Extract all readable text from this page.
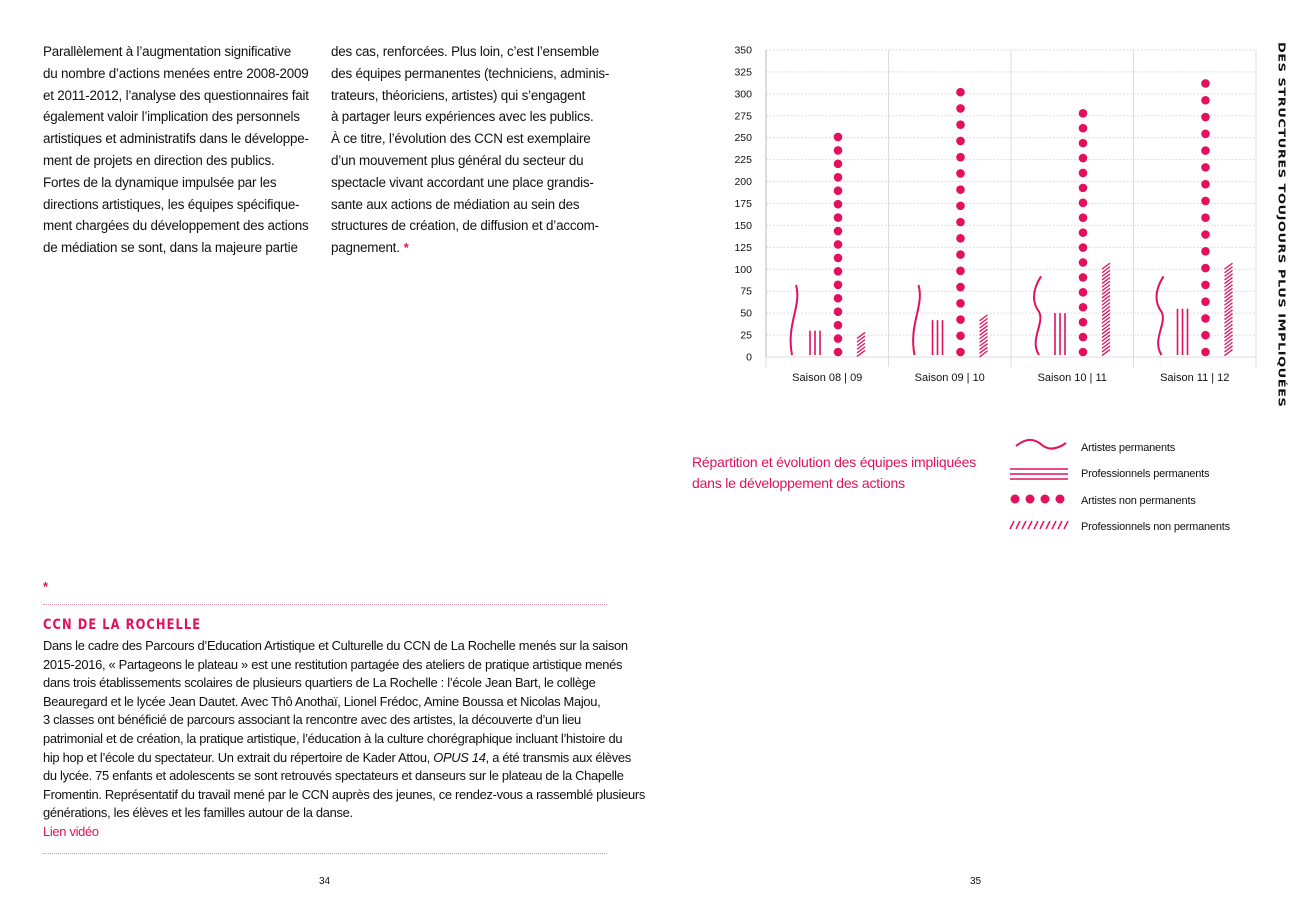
Parallèlement à l’augmentation significative
du nombre d’actions menées entre 2008-2009
et 2011-2012, l’analyse des questionnaires fait
également valoir l’implication des personnels
artistiques et administratifs dans le développe-
ment de projets en direction des publics.
Fortes de la dynamique impulsée par les
directions artistiques, les équipes spécifique-
ment chargées du développement des actions
de médiation se sont, dans la majeure partie
des cas, renforcées. Plus loin, c’est l’ensemble
des équipes permanentes (techniciens, adminis-
trateurs, théoriciens, artistes) qui s’engagent
à partager leurs expériences avec les publics.
À ce titre, l’évolution des CCN est exemplaire
d’un mouvement plus général du secteur du
spectacle vivant accordant une place grandis-
sante aux actions de médiation au sein des
structures de création, de diffusion et d’accom-
pagnement. *
*
CCN DE LA ROCHELLE
Dans le cadre des Parcours d’Education Artistique et Culturelle du CCN de La Rochelle menés sur la saison
2015-2016, « Partageons le plateau » est une restitution partagée des ateliers de pratique artistique menés
dans trois établissements scolaires de plusieurs quartiers de La Rochelle : l’école Jean Bart, le collège
Beauregard et le lycée Jean Dautet. Avec Thô Anothaï, Lionel Frédoc, Amine Boussa et Nicolas Majou,
3 classes ont bénéficié de parcours associant la rencontre avec des artistes, la découverte d’un lieu
patrimonial et de création, la pratique artistique, l’éducation à la culture chorégraphique incluant l’histoire du
hip hop et l’école du spectateur. Un extrait du répertoire de Kader Attou, OPUS 14, a été transmis aux élèves
du lycée. 75 enfants et adolescents se sont retrouvés spectateurs et danseurs sur le plateau de la Chapelle
Fromentin. Représentatif du travail mené par le CCN auprès des jeunes, ce rendez-vous a rassemblé plusieurs
générations, les élèves et les familles autour de la danse.
Lien vidéo
34
0
25
50
75
100
125
150
175
200
225
250
275
300
325
350
Saison 08 | 09	Saison 09 | 10	Saison 10 | 11	Saison 11 | 12	DES STRUCTURES TOUJOURS PLUS IMPLIQUÉES
Répartition et évolution des équipes impliquées
dans le développement des actions
Artistes permanents
Professionnels permanents
Artistes non permanents
Professionnels non permanents
35
